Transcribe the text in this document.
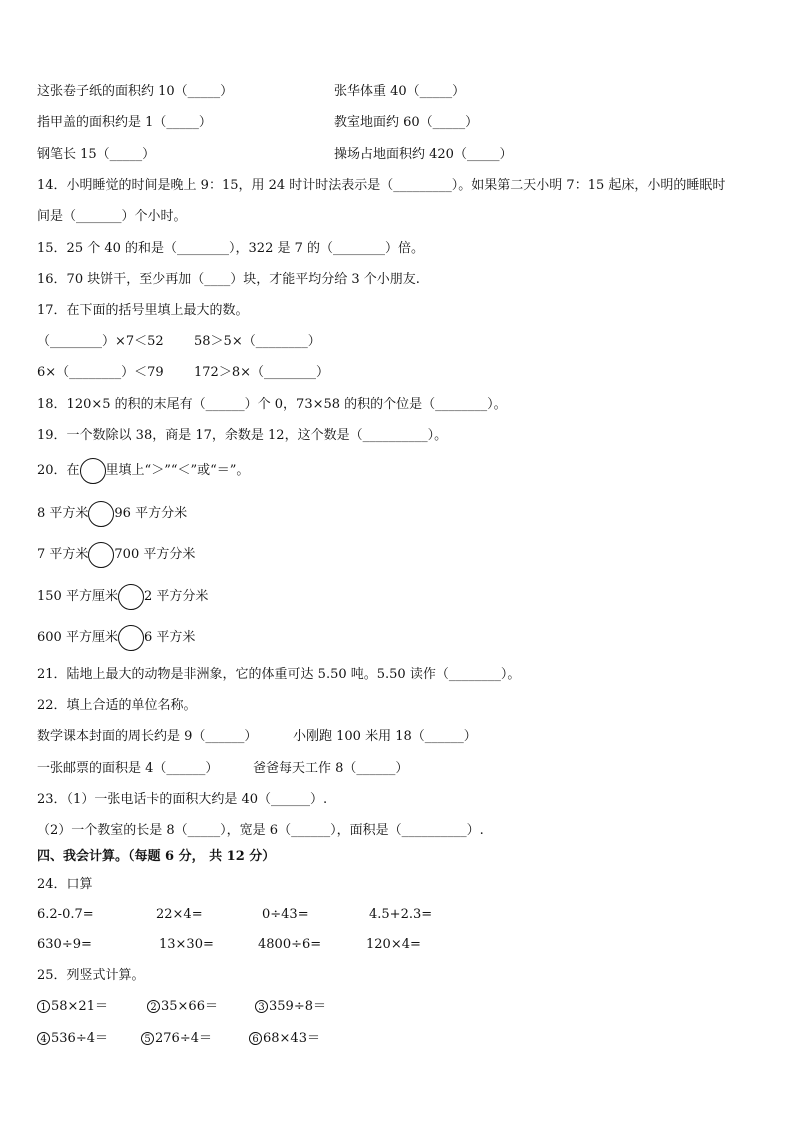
这张卷子纸的面积约 10（_____）	张华体重 40（_____）
指甲盖的面积约是 1（_____）	教室地面约 60（_____）
钢笔长 15（_____）	操场占地面积约 420（_____）
14．小明睡觉的时间是晚上 9：15，用 24 时计时法表示是（_________）。如果第二天小明 7：15 起床，小明的睡眠时
间是（_______）个小时。
15．25 个 40 的和是（________），322 是 7 的（________）倍。
16．70 块饼干，至少再加（____）块，才能平均分给 3 个小朋友.
17．在下面的括号里填上最大的数。
（________）×7＜52 58＞5×（________）
6×（________）＜79 172＞8×（________）
18．120×5 的积的末尾有（______）个 0，73×58 的积的个位是（________）。
19．一个数除以 38，商是 17，余数是 12，这个数是（__________）。
20．在 里填上“＞”“＜”或“＝”。
8 平方米 96 平方分米
7 平方米 700 平方分米
150 平方厘米 2 平方分米
600 平方厘米 6 平方米
21．陆地上最大的动物是非洲象，它的体重可达 5.50 吨。5.50 读作（________）。
22．填上合适的单位名称。
数学课本封面的周长约是 9（______）	小刚跑 100 米用 18（______）
一张邮票的面积是 4（______）	爸爸每天工作 8（______）
23．（1）一张电话卡的面积大约是 40（______）.
（2）一个教室的长是 8（_____），宽是 6（______），面积是（__________）.
四、我会计算。（每题 6 分， 共 12 分）
24．口算
6.2-0.7=	22×4=	0÷43=	4.5+2.3=
630÷9=	13×30=	4800÷6=	120×4=
25．列竖式计算。
1 58×21＝	2 35×66＝	3 359÷8＝
4 536÷4＝	5 276÷4＝	6 68×43＝
